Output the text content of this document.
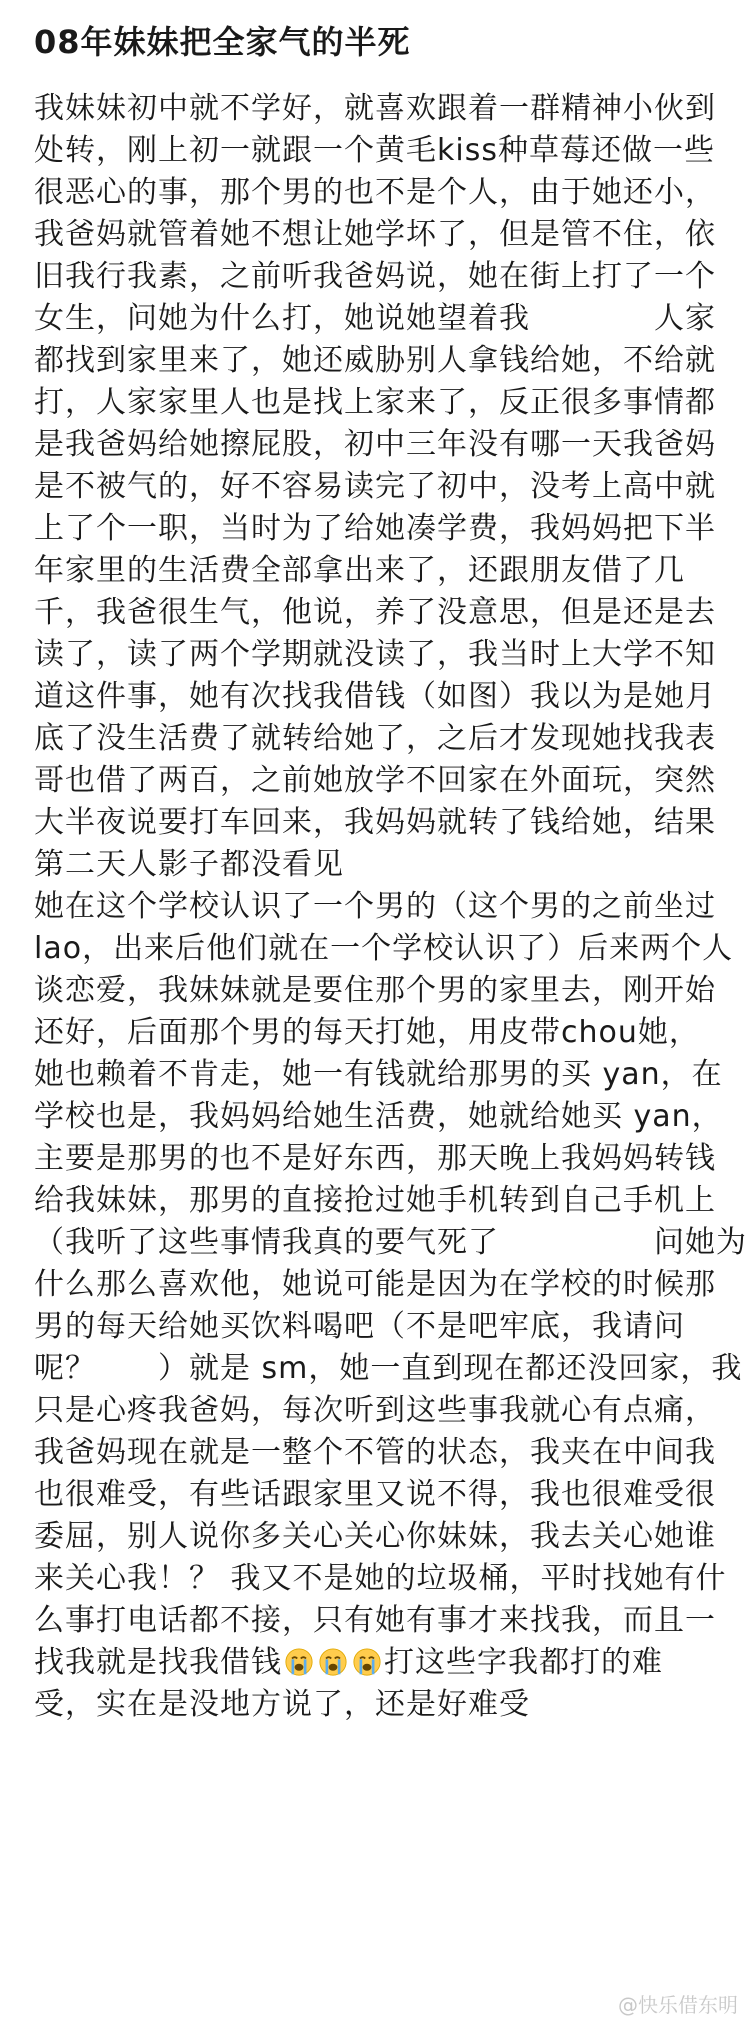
08年妹妹把全家气的半死
我妹妹初中就不学好，就喜欢跟着一群精神小伙到
处转，刚上初一就跟一个黄毛kiss种草莓还做一些
很恶心的事，那个男的也不是个人，由于她还小，
我爸妈就管着她不想让她学坏了，但是管不住，依
旧我行我素，之前听我爸妈说，她在街上打了一个
女生，问她为什么打，她说她望着我　　　　人家
都找到家里来了，她还威胁别人拿钱给她，不给就
打，人家家里人也是找上家来了，反正很多事情都
是我爸妈给她擦屁股，初中三年没有哪一天我爸妈
是不被气的，好不容易读完了初中，没考上高中就
上了个一职，当时为了给她凑学费，我妈妈把下半
年家里的生活费全部拿出来了，还跟朋友借了几
千，我爸很生气，他说，养了没意思，但是还是去
读了，读了两个学期就没读了，我当时上大学不知
道这件事，她有次找我借钱（如图）我以为是她月
底了没生活费了就转给她了，之后才发现她找我表
哥也借了两百，之前她放学不回家在外面玩，突然
大半夜说要打车回来，我妈妈就转了钱给她，结果
第二天人影子都没看见
她在这个学校认识了一个男的（这个男的之前坐过
lao，出来后他们就在一个学校认识了）后来两个人
谈恋爱，我妹妹就是要住那个男的家里去，刚开始
还好，后面那个男的每天打她，用皮带chou她，
她也赖着不肯走，她一有钱就给那男的买 yan，在
学校也是，我妈妈给她生活费，她就给她买 yan，
主要是那男的也不是好东西，那天晚上我妈妈转钱
给我妹妹，那男的直接抢过她手机转到自己手机上
（我听了这些事情我真的要气死了　　　　　问她为
什么那么喜欢他，她说可能是因为在学校的时候那
男的每天给她买饮料喝吧（不是吧牢底，我请问
呢？　　）就是 sm，她一直到现在都还没回家，我
只是心疼我爸妈，每次听到这些事我就心有点痛，
我爸妈现在就是一整个不管的状态，我夹在中间我
也很难受，有些话跟家里又说不得，我也很难受很
委屈，别人说你多关心关心你妹妹，我去关心她谁
来关心我！？ 我又不是她的垃圾桶，平时找她有什
么事打电话都不接，只有她有事才来找我，而且一
找我就是找我借钱	打这些字我都打的难
受，实在是没地方说了，还是好难受
@快乐借东明
